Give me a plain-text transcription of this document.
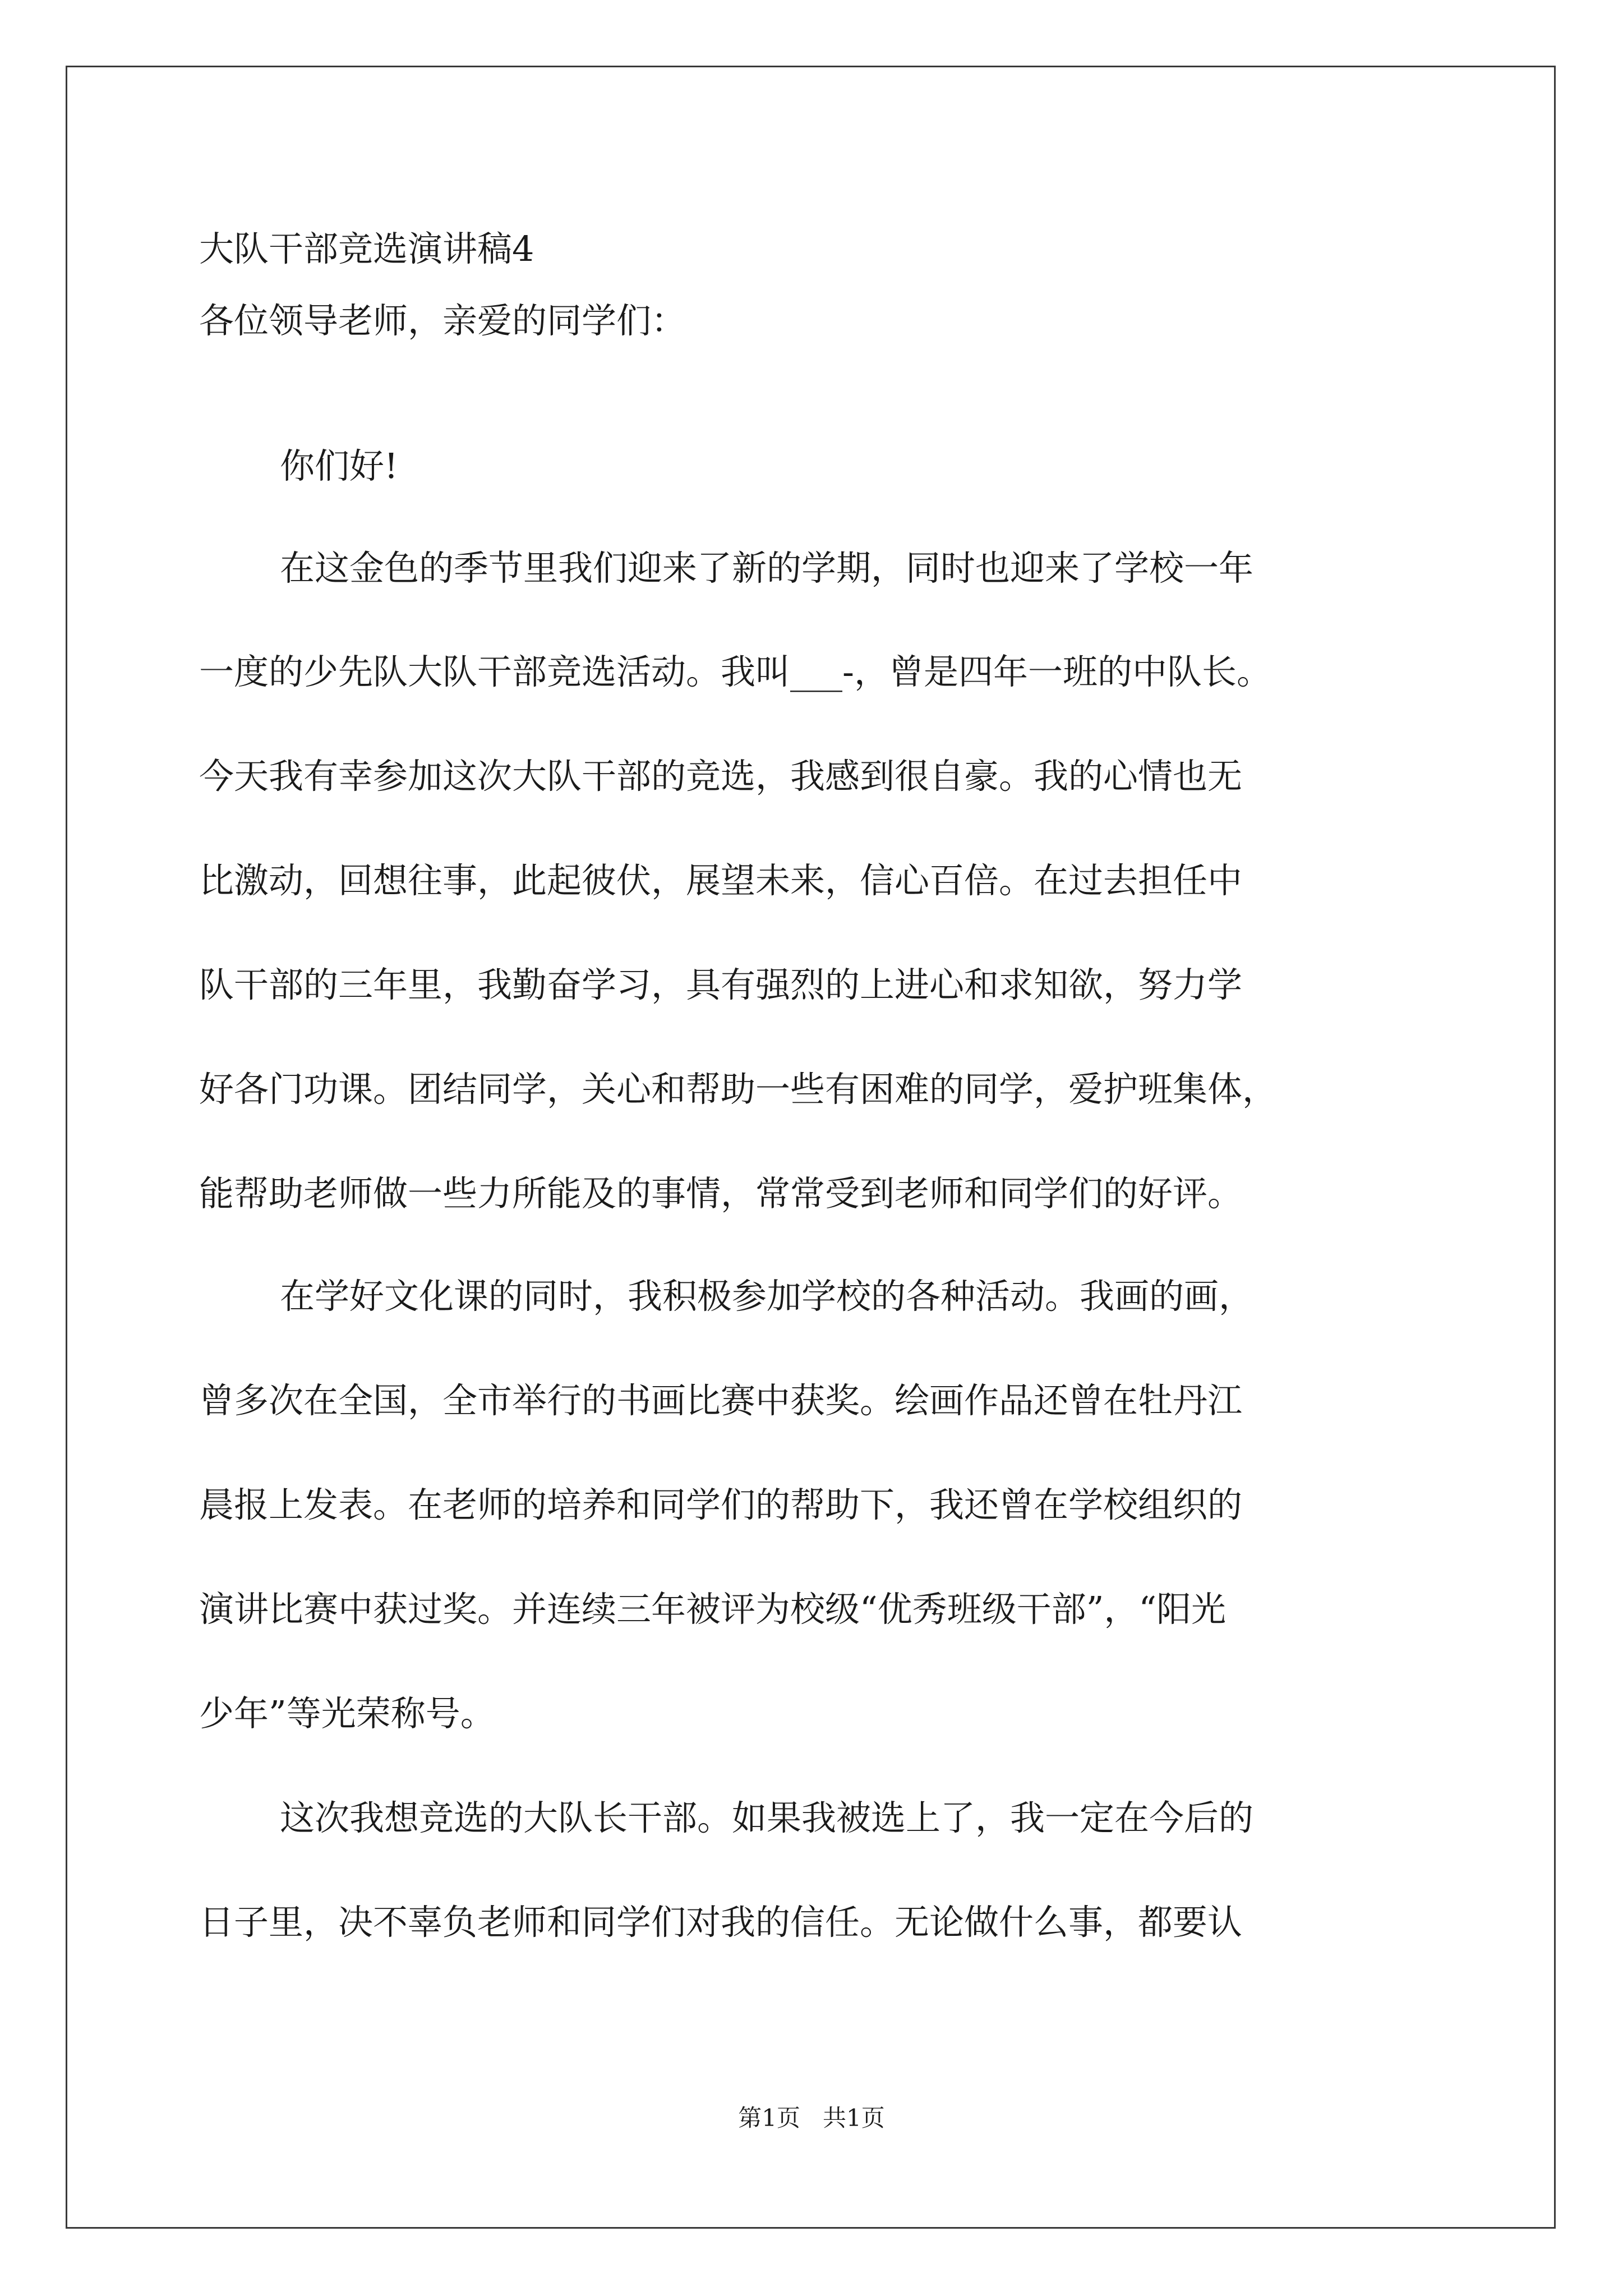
大队干部竞选演讲稿4
各位领导老师，亲爱的同学们：
你们好!
在这金色的季节里我们迎来了新的学期，同时也迎来了学校一年
一度的少先队大队干部竞选活动。我叫___-，曾是四年一班的中队长。
今天我有幸参加这次大队干部的竞选，我感到很自豪。我的心情也无
比激动，回想往事，此起彼伏，展望未来，信心百倍。在过去担任中
队干部的三年里，我勤奋学习，具有强烈的上进心和求知欲，努力学
好各门功课。团结同学，关心和帮助一些有困难的同学，爱护班集体，
能帮助老师做一些力所能及的事情，常常受到老师和同学们的好评。
在学好文化课的同时，我积极参加学校的各种活动。我画的画，
曾多次在全国，全市举行的书画比赛中获奖。绘画作品还曾在牡丹江
晨报上发表。在老师的培养和同学们的帮助下，我还曾在学校组织的
演讲比赛中获过奖。并连续三年被评为校级“优秀班级干部”，“阳光
少年”等光荣称号。
这次我想竞选的大队长干部。如果我被选上了，我一定在今后的
日子里，决不辜负老师和同学们对我的信任。无论做什么事，都要认
第1页   共1页
